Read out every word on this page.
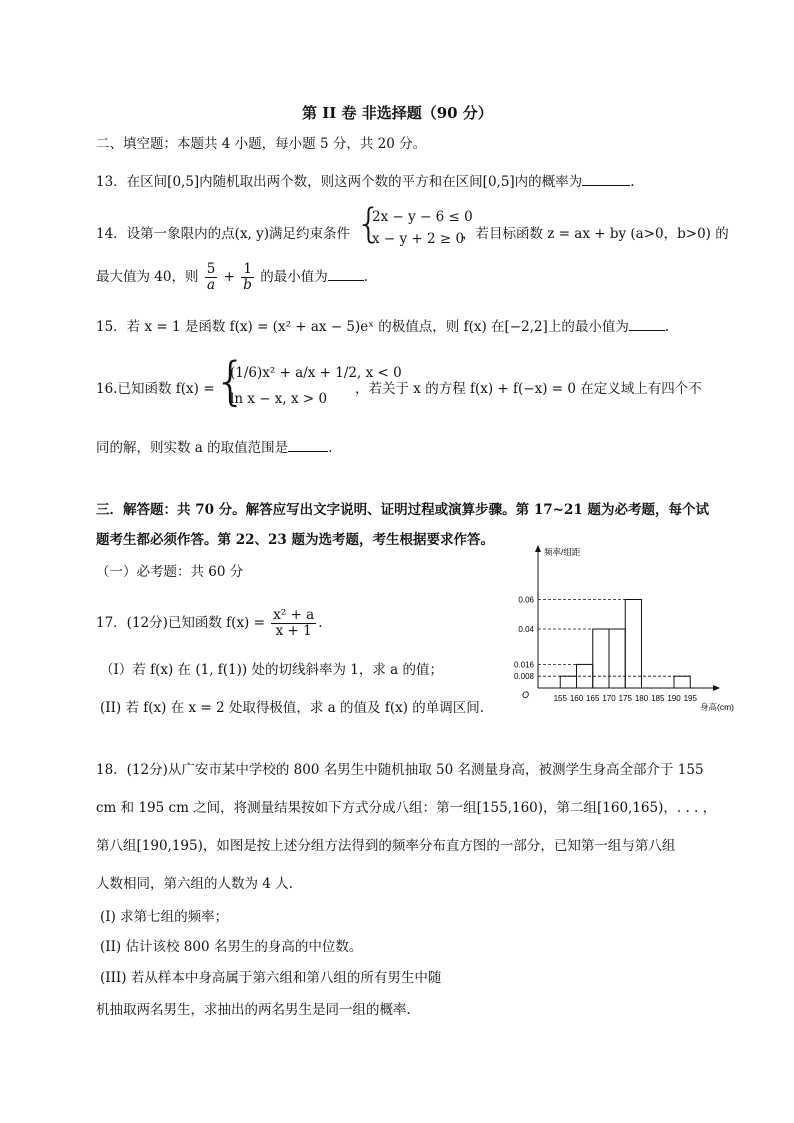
第 II 卷 非选择题（90 分）
二、填空题：本题共 4 小题，每小题 5 分，共 20 分。
13．在区间[0,5]内随机取出两个数，则这两个数的平方和在区间[0,5]内的概率为	.
14．设第一象限内的点(x, y)满足约束条件 {
2x − y − 6 ≤ 0
x − y + 2 ≥ 0
，若目标函数 z = ax + by (a>0，b>0) 的
最大值为 40，则 $\frac{5}{a} + \frac{1}{b}$ 的最小值为	.
15．若 x = 1 是函数 f(x) = (x² + ax − 5)eˣ 的极值点，则 f(x) 在[−2,2]上的最小值为	.
16.已知函数 f(x) = {
(1/6)x² + a/x + 1/2, x < 0
ln x − x, x > 0
，若关于 x 的方程 f(x) + f(−x) = 0 在定义域上有四个不
同的解，则实数 a 的取值范围是	.
三．解答题：共 70 分。解答应写出文字说明、证明过程或演算步骤。第 17~21 题为必考题，每个试
题考生都必须作答。第 22、23 题为选考题，考生根据要求作答。
（一）必考题：共 60 分
17．(12分)已知函数 $f(x) = \frac{\text{x² + a}}{x + 1}$ .
（Ⅰ）若 f(x) 在 (1, f(1)) 处的切线斜率为 1，求 a 的值；
(II) 若 f(x) 在 x = 2 处取得极值，求 a 的值及 f(x) 的单调区间.
O
频率/组距
身高(cm)
0.06
0.04
0.016
0.008
155 160 165 170 175 180 185 190 195
18．(12分)从广安市某中学校的 800 名男生中随机抽取 50 名测量身高，被测学生身高全部介于 155
cm 和 195 cm 之间，将测量结果按如下方式分成八组：第一组[155,160)，第二组[160,165)，. . . ，
第八组[190,195)，如图是按上述分组方法得到的频率分布直方图的一部分，已知第一组与第八组
人数相同，第六组的人数为 4 人.
(I) 求第七组的频率；
(II) 估计该校 800 名男生的身高的中位数。
(III) 若从样本中身高属于第六组和第八组的所有男生中随
机抽取两名男生，求抽出的两名男生是同一组的概率.
